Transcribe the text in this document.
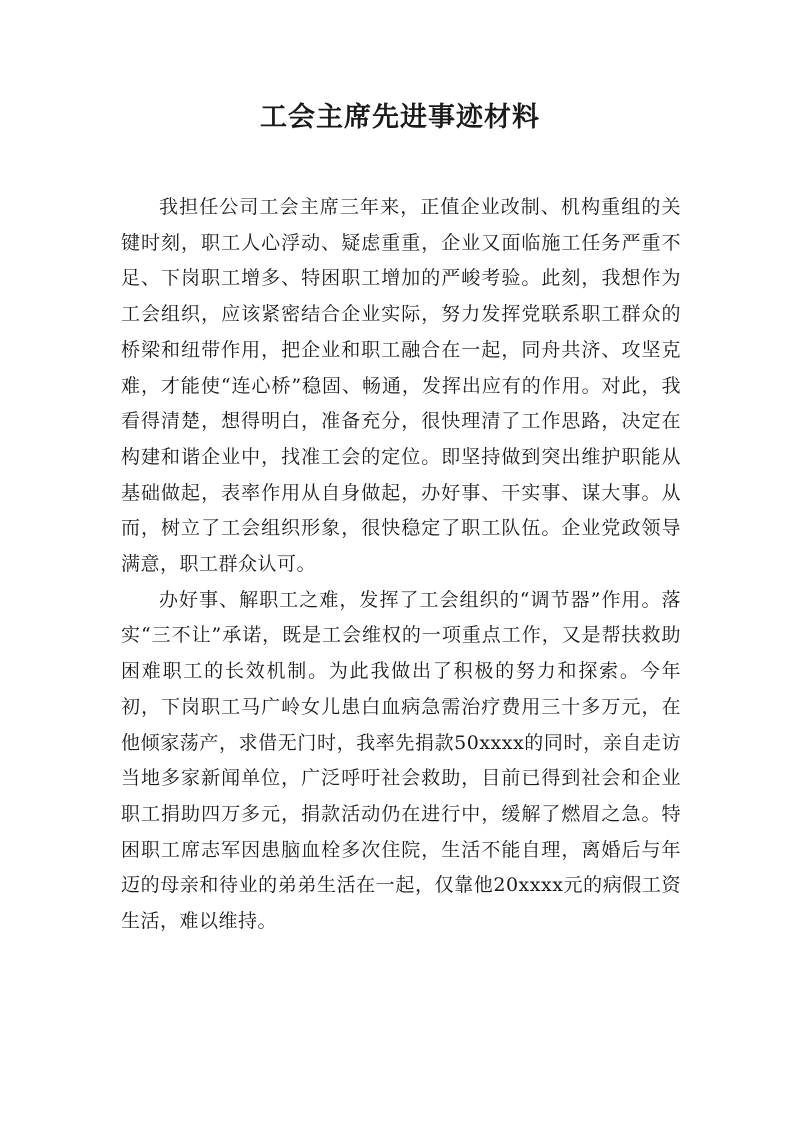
工会主席先进事迹材料

我担任公司工会主席三年来，正值企业改制、机构重组的关键时刻，职工人心浮动、疑虑重重，企业又面临施工任务严重不足、下岗职工增多、特困职工增加的严峻考验。此刻，我想作为工会组织，应该紧密结合企业实际，努力发挥党联系职工群众的桥梁和纽带作用，把企业和职工融合在一起，同舟共济、攻坚克难，才能使“连心桥”稳固、畅通，发挥出应有的作用。对此，我看得清楚，想得明白，准备充分，很快理清了工作思路，决定在构建和谐企业中，找准工会的定位。即坚持做到突出维护职能从基础做起，表率作用从自身做起，办好事、干实事、谋大事。从而，树立了工会组织形象，很快稳定了职工队伍。企业党政领导满意，职工群众认可。

办好事、解职工之难，发挥了工会组织的“调节器”作用。落实“三不让”承诺，既是工会维权的一项重点工作，又是帮扶救助困难职工的长效机制。为此我做出了积极的努力和探索。今年初，下岗职工马广岭女儿患白血病急需治疗费用三十多万元，在他倾家荡产，求借无门时，我率先捐款50xxxx的同时，亲自走访当地多家新闻单位，广泛呼吁社会救助，目前已得到社会和企业职工捐助四万多元，捐款活动仍在进行中，缓解了燃眉之急。特困职工席志军因患脑血栓多次住院，生活不能自理，离婚后与年迈的母亲和待业的弟弟生活在一起，仅靠他20xxxx元的病假工资生活，难以维持。
